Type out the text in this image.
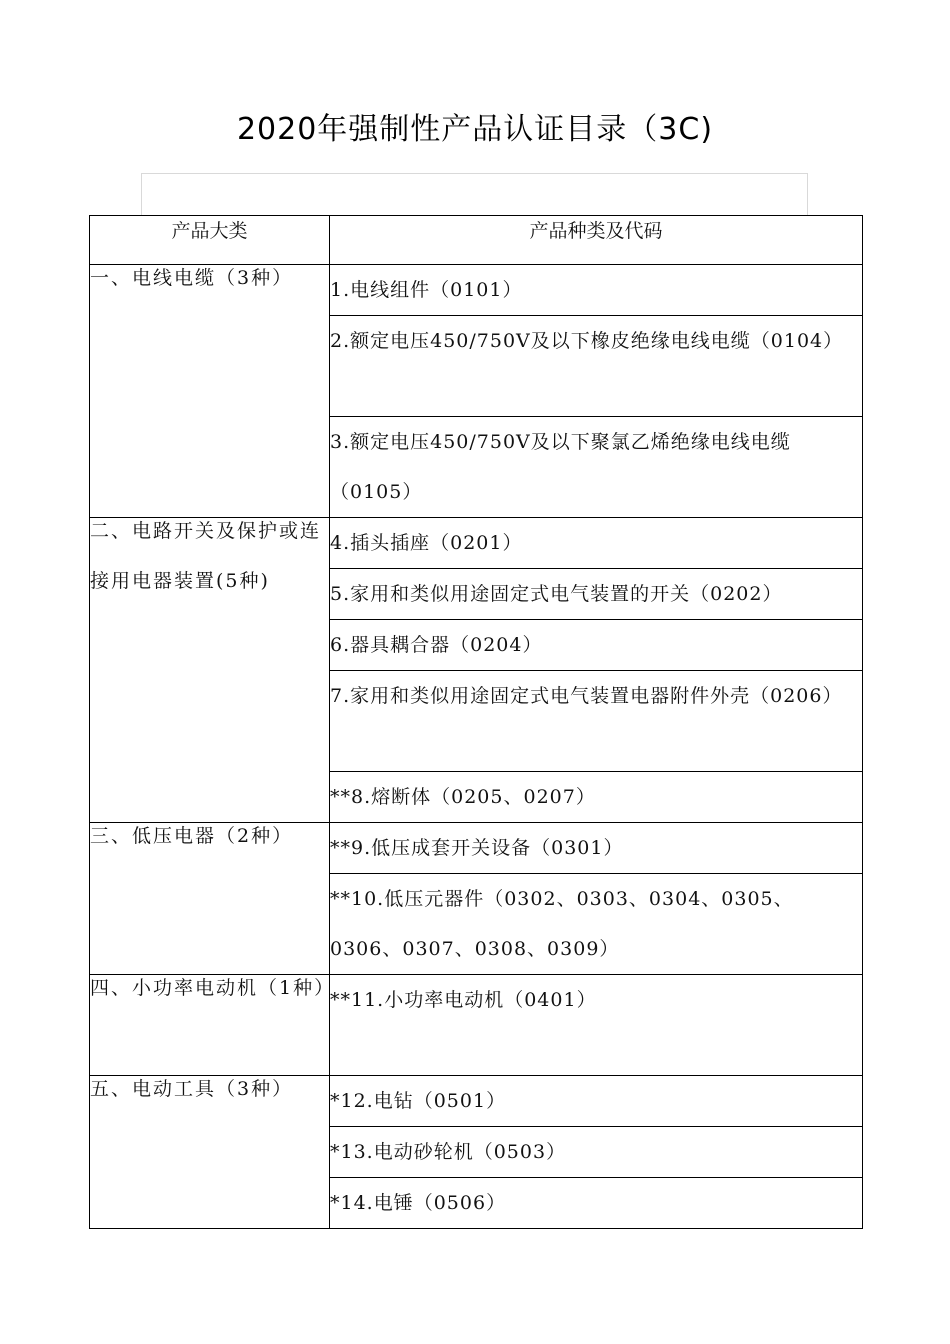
2020年强制性产品认证目录（3C)
产品大类	产品种类及代码

一、电线电缆（3种）	1.电线组件（0101）
	2.额定电压450/750V及以下橡皮绝缘电线电缆（0104）
	3.额定电压450/750V及以下聚氯乙烯绝缘电线电缆（0105）

二、电路开关及保护或连接用电器装置(5种)	4.插头插座（0201）
	5.家用和类似用途固定式电气装置的开关（0202）
	6.器具耦合器（0204）
	7.家用和类似用途固定式电气装置电器附件外壳（0206）
	**8.熔断体（0205、0207）

三、低压电器（2种）	**9.低压成套开关设备（0301）
	**10.低压元器件（0302、0303、0304、0305、0306、0307、0308、0309）

四、小功率电动机（1种）	**11.小功率电动机（0401）

五、电动工具（3种）	*12.电钻（0501）
	*13.电动砂轮机（0503）
	*14.电锤（0506）
